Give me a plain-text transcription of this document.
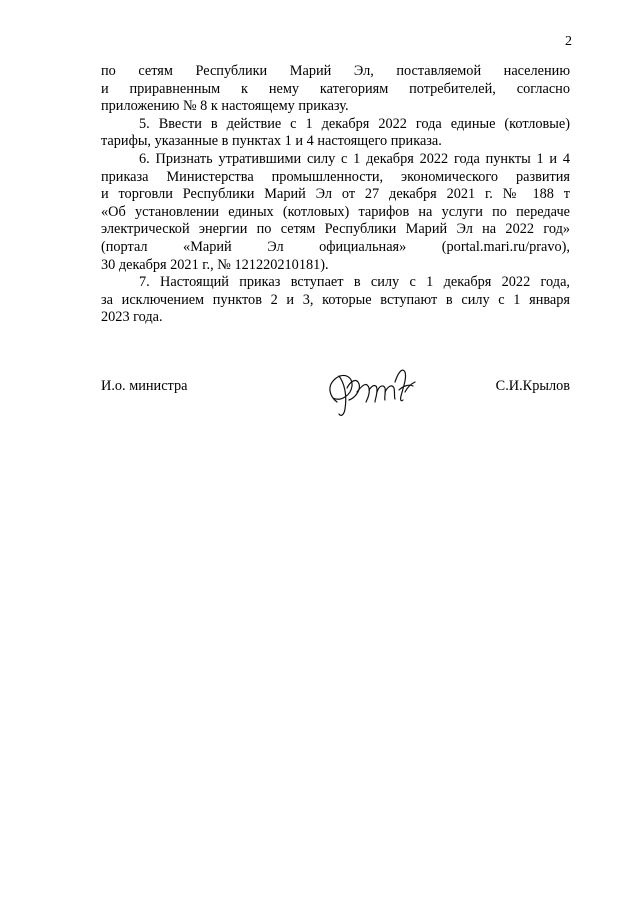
2
по сетям Республики Марий Эл, поставляемой населению
и приравненным к нему категориям потребителей, согласно
приложению № 8 к настоящему приказу.
5. Ввести в действие с 1 декабря 2022 года единые (котловые)
тарифы, указанные в пунктах 1 и 4 настоящего приказа.
6. Признать утратившими силу с 1 декабря 2022 года пункты 1 и 4
приказа Министерства промышленности, экономического развития
и торговли Республики Марий Эл от 27 декабря 2021 г. № 188 т
«Об установлении единых (котловых) тарифов на услуги по передаче
электрической энергии по сетям Республики Марий Эл на 2022 год»
(портал «Марий Эл официальная» (portal.mari.ru/pravo),
30 декабря 2021 г., № 121220210181).
7. Настоящий приказ вступает в силу с 1 декабря 2022 года,
за исключением пунктов 2 и 3, которые вступают в силу с 1 января
2023 года.
И.о. министра	С.И.Крылов
